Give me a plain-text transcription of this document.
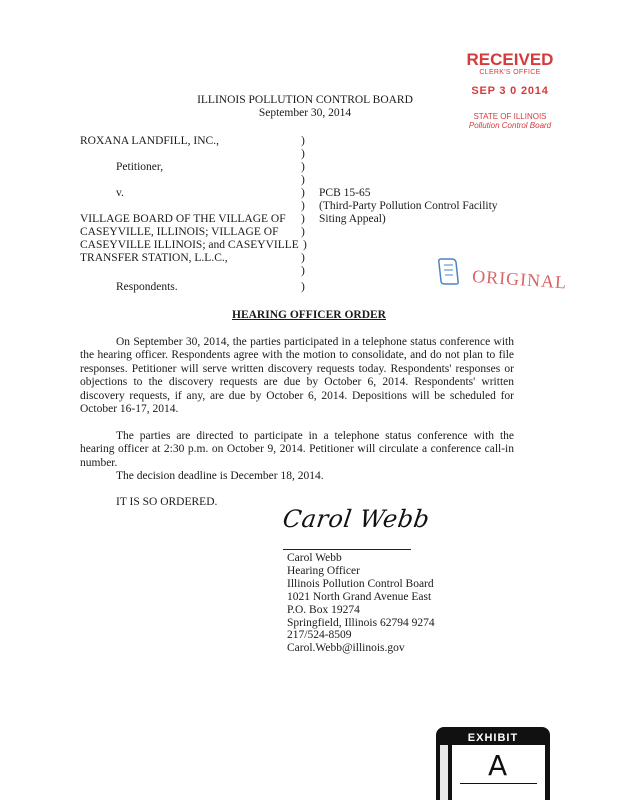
RECEIVED
CLERK'S OFFICE
SEP 3 0 2014
STATE OF ILLINOIS
Pollution Control Board
ILLINOIS POLLUTION CONTROL BOARD
September 30, 2014
ROXANA LANDFILL, INC.,
Petitioner,
v.
VILLAGE BOARD OF THE VILLAGE OF
CASEYVILLE, ILLINOIS; VILLAGE OF
CASEYVILLE ILLINOIS; and CASEYVILLE
TRANSFER STATION, L.L.C.,
Respondents.
)
)
)
)
)
)
)
)
)
)
)
)
PCB 15-65
(Third-Party Pollution Control Facility
Siting Appeal)
ORIGINAL
HEARING OFFICER ORDER

On September 30, 2014, the parties participated in a telephone status conference with the hearing officer. Respondents agree with the motion to consolidate, and do not plan to file responses. Petitioner will serve written discovery requests today. Respondents' responses or objections to the discovery requests are due by October 6, 2014. Respondents' written discovery requests, if any, are due by October 6, 2014. Depositions will be scheduled for October 16-17, 2014.

The parties are directed to participate in a telephone status conference with the hearing officer at 2:30 p.m. on October 9, 2014. Petitioner will circulate a conference call-in number.

The decision deadline is December 18, 2014.

IT IS SO ORDERED.
Carol Webb
Carol Webb
Hearing Officer
Illinois Pollution Control Board
1021 North Grand Avenue East
P.O. Box 19274
Springfield, Illinois 62794 9274
217/524-8509
Carol.Webb@illinois.gov
EXHIBIT
A
